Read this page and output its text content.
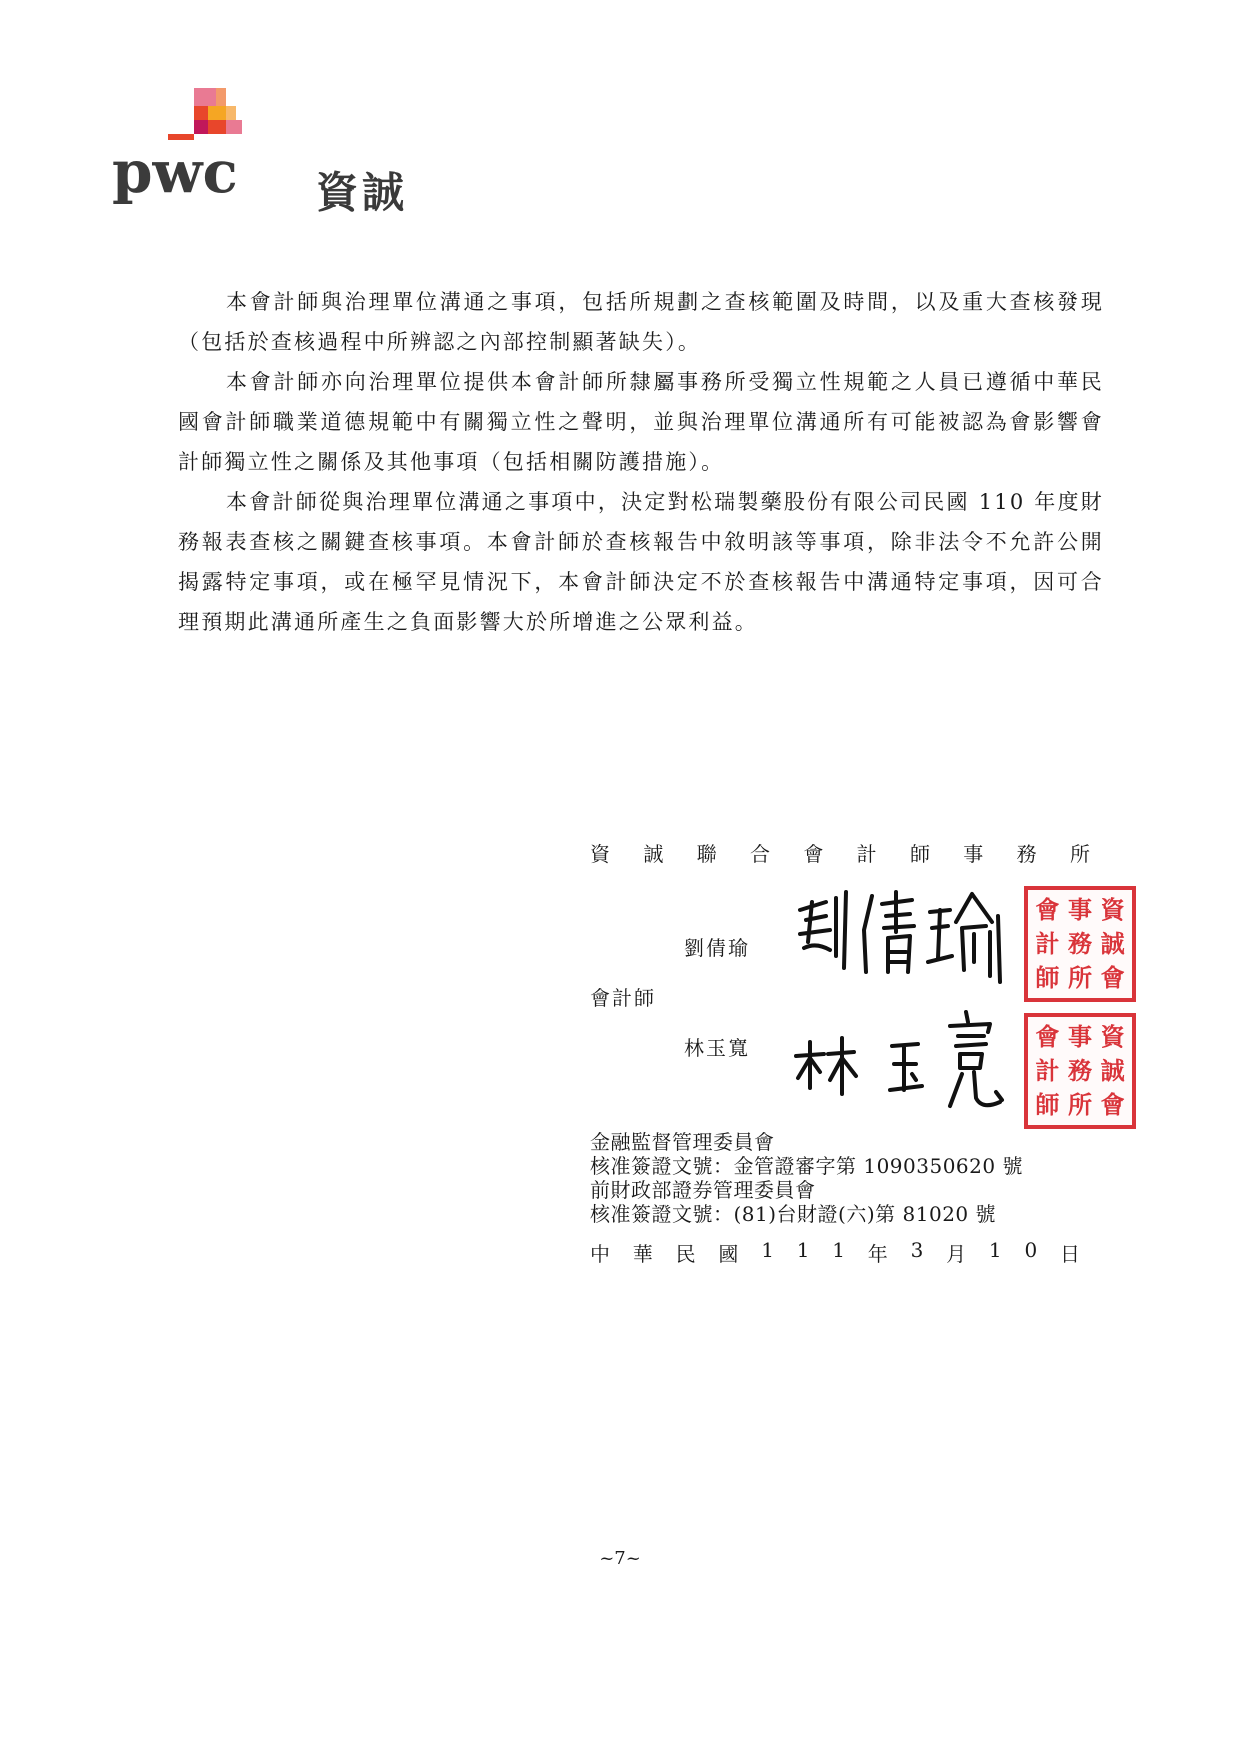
pwc 資誠

本會計師與治理單位溝通之事項，包括所規劃之查核範圍及時間，以及重大查核發現（包括於查核過程中所辨認之內部控制顯著缺失）。

本會計師亦向治理單位提供本會計師所隸屬事務所受獨立性規範之人員已遵循中華民國會計師職業道德規範中有關獨立性之聲明，並與治理單位溝通所有可能被認為會影響會計師獨立性之關係及其他事項（包括相關防護措施）。

本會計師從與治理單位溝通之事項中，決定對松瑞製藥股份有限公司民國 110 年度財務報表查核之關鍵查核事項。本會計師於查核報告中敘明該等事項，除非法令不允許公開揭露特定事項，或在極罕見情況下，本會計師決定不於查核報告中溝通特定事項，因可合理預期此溝通所產生之負面影響大於所增進之公眾利益。

資 誠 聯 合 會 計 師 事 務 所
劉倩瑜
會計師
林玉寬
會 事 資
計 務 誠
師 所 會
會 事 資
計 務 誠
師 所 會
金融監督管理委員會
核准簽證文號：金管證審字第 1090350620 號
前財政部證券管理委員會
核准簽證文號：(81)台財證(六)第 81020 號
中 華 民 國 1 1 1 年 3 月 1 0 日
~7~
